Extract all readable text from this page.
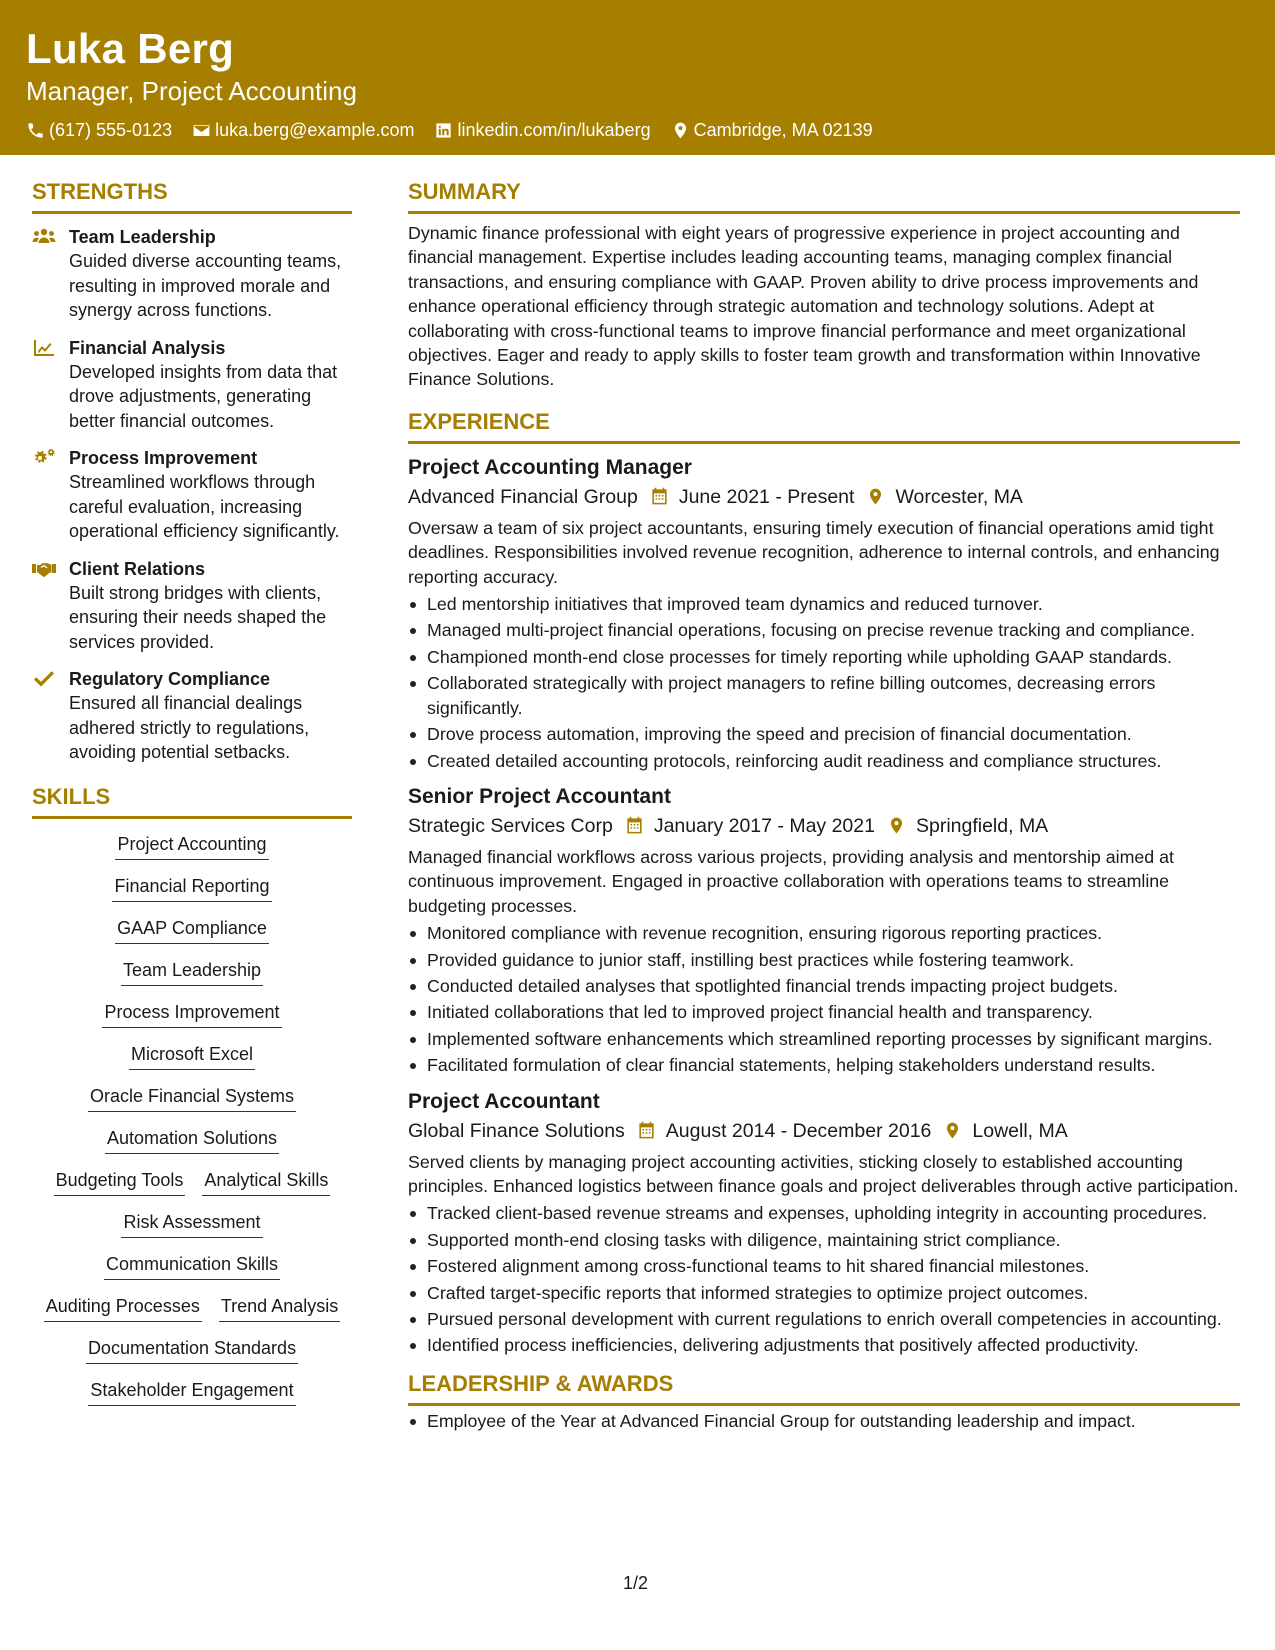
Luka Berg
Manager, Project Accounting
(617) 555-0123 luka.berg@example.com linkedin.com/in/lukaberg Cambridge, MA 02139
STRENGTHS
Team Leadership
Guided diverse accounting teams, resulting in improved morale and synergy across functions.
Financial Analysis
Developed insights from data that drove adjustments, generating better financial outcomes.
Process Improvement
Streamlined workflows through careful evaluation, increasing operational efficiency significantly.
Client Relations
Built strong bridges with clients, ensuring their needs shaped the services provided.
Regulatory Compliance
Ensured all financial dealings adhered strictly to regulations, avoiding potential setbacks.
SKILLS
Project Accounting
Financial Reporting
GAAP Compliance
Team Leadership
Process Improvement
Microsoft Excel
Oracle Financial Systems
Automation Solutions
Budgeting Tools Analytical Skills
Risk Assessment
Communication Skills
Auditing Processes Trend Analysis
Documentation Standards
Stakeholder Engagement
SUMMARY
Dynamic finance professional with eight years of progressive experience in project accounting and financial management. Expertise includes leading accounting teams, managing complex financial transactions, and ensuring compliance with GAAP. Proven ability to drive process improvements and enhance operational efficiency through strategic automation and technology solutions. Adept at collaborating with cross-functional teams to improve financial performance and meet organizational objectives. Eager and ready to apply skills to foster team growth and transformation within Innovative Finance Solutions.
EXPERIENCE
Project Accounting Manager
Advanced Financial Group June 2021 - Present Worcester, MA
Oversaw a team of six project accountants, ensuring timely execution of financial operations amid tight deadlines. Responsibilities involved revenue recognition, adherence to internal controls, and enhancing reporting accuracy.
Led mentorship initiatives that improved team dynamics and reduced turnover.
Managed multi-project financial operations, focusing on precise revenue tracking and compliance.
Championed month-end close processes for timely reporting while upholding GAAP standards.
Collaborated strategically with project managers to refine billing outcomes, decreasing errors significantly.
Drove process automation, improving the speed and precision of financial documentation.
Created detailed accounting protocols, reinforcing audit readiness and compliance structures.
Senior Project Accountant
Strategic Services Corp January 2017 - May 2021 Springfield, MA
Managed financial workflows across various projects, providing analysis and mentorship aimed at continuous improvement. Engaged in proactive collaboration with operations teams to streamline budgeting processes.
Monitored compliance with revenue recognition, ensuring rigorous reporting practices.
Provided guidance to junior staff, instilling best practices while fostering teamwork.
Conducted detailed analyses that spotlighted financial trends impacting project budgets.
Initiated collaborations that led to improved project financial health and transparency.
Implemented software enhancements which streamlined reporting processes by significant margins.
Facilitated formulation of clear financial statements, helping stakeholders understand results.
Project Accountant
Global Finance Solutions August 2014 - December 2016 Lowell, MA
Served clients by managing project accounting activities, sticking closely to established accounting principles. Enhanced logistics between finance goals and project deliverables through active participation.
Tracked client-based revenue streams and expenses, upholding integrity in accounting procedures.
Supported month-end closing tasks with diligence, maintaining strict compliance.
Fostered alignment among cross-functional teams to hit shared financial milestones.
Crafted target-specific reports that informed strategies to optimize project outcomes.
Pursued personal development with current regulations to enrich overall competencies in accounting.
Identified process inefficiencies, delivering adjustments that positively affected productivity.
LEADERSHIP & AWARDS
Employee of the Year at Advanced Financial Group for outstanding leadership and impact.
1/2
